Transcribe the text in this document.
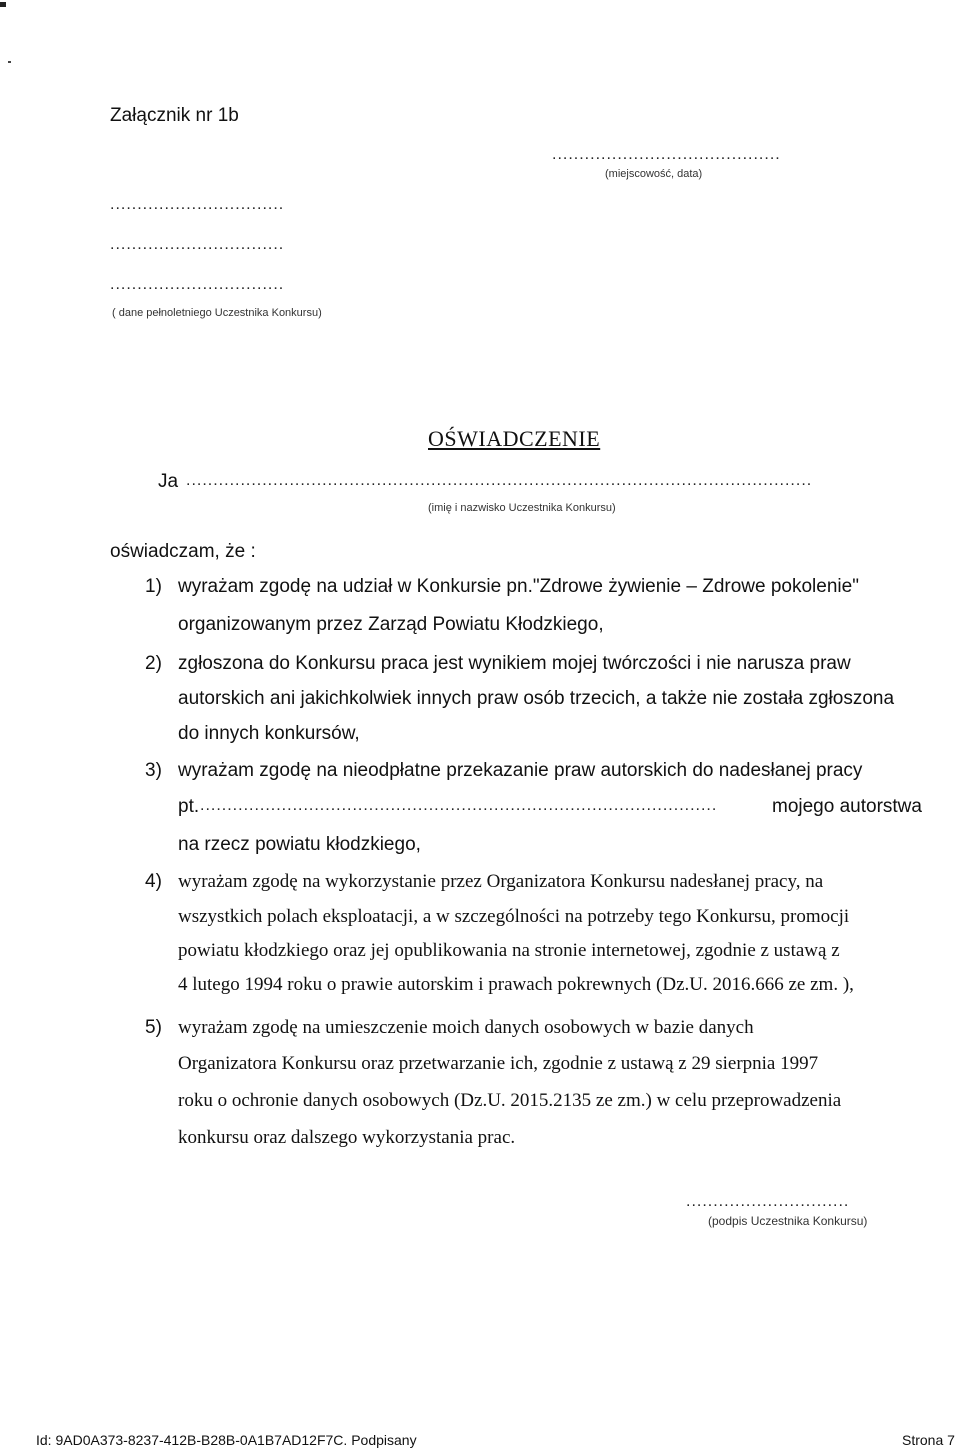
Załącznik nr 1b
..........................................
(miejscowość, data)
................................
................................
................................
( dane pełnoletniego Uczestnika Konkursu)
OŚWIADCZENIE
Ja ...................................................................................................................
(imię i nazwisko Uczestnika Konkursu)
oświadczam, że :
1) wyrażam zgodę na udział w Konkursie pn."Zdrowe żywienie – Zdrowe pokolenie"
organizowanym przez Zarząd Powiatu Kłodzkiego,
2) zgłoszona do Konkursu praca jest wynikiem mojej twórczości i nie narusza praw
autorskich ani jakichkolwiek innych praw osób trzecich, a także nie została zgłoszona
do innych konkursów,
3) wyrażam zgodę na nieodpłatne przekazanie praw autorskich do nadesłanej pracy
pt. ...............................................................................................	mojego autorstwa
na rzecz powiatu kłodzkiego,
4) wyrażam zgodę na wykorzystanie przez Organizatora Konkursu nadesłanej pracy, na
wszystkich polach eksploatacji, a w szczególności na potrzeby tego Konkursu, promocji
powiatu kłodzkiego oraz jej opublikowania na stronie internetowej, zgodnie z ustawą z
4 lutego 1994 roku o prawie autorskim i prawach pokrewnych (Dz.U. 2016.666 ze zm. ),
5) wyrażam zgodę na umieszczenie moich danych osobowych w bazie danych
Organizatora Konkursu oraz przetwarzanie ich, zgodnie z ustawą z 29 sierpnia 1997
roku o ochronie danych osobowych (Dz.U. 2015.2135 ze zm.) w celu przeprowadzenia
konkursu oraz dalszego wykorzystania prac.
..............................
(podpis Uczestnika Konkursu)
Id: 9AD0A373-8237-412B-B28B-0A1B7AD12F7C. Podpisany	Strona 7
